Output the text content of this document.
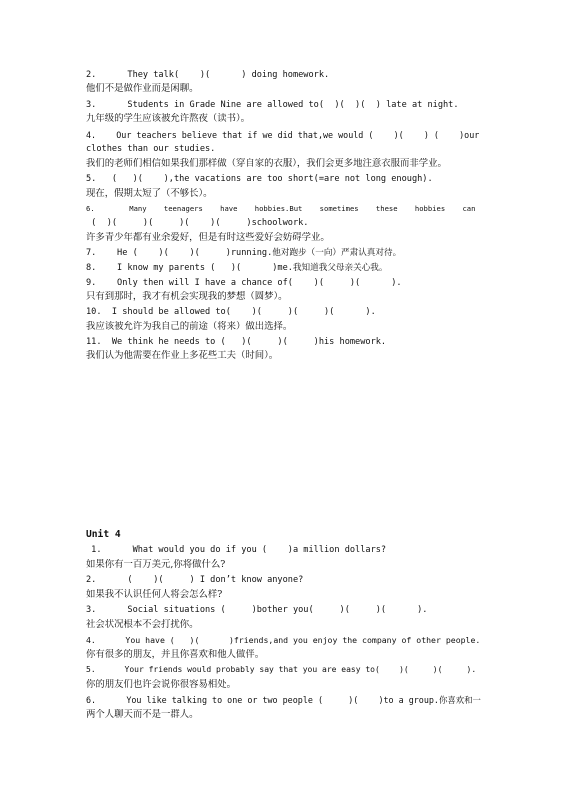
2.      They talk(    )(      ) doing homework.
他们不是做作业而是闲聊。
3.      Students in Grade Nine are allowed to(  )(  )(  ) late at night.
九年级的学生应该被允许熬夜（读书）。
4.    Our teachers believe that if we did that,we would (    )(    ) (    )our
clothes than our studies.
我们的老师们相信如果我们那样做（穿自家的衣服），我们会更多地注意衣服而非学业。
5.   (   )(    ),the vacations are too short(=are not long enough).
现在，假期太短了（不够长）。
6.        Many    teenagers    have    hobbies.But    sometimes    these    hobbies    can
(  )(     )(     )(    )(     )schoolwork.
许多青少年都有业余爱好，但是有时这些爱好会妨碍学业。
7.    He (    )(    )(     )running.他对跑步（一向）严肃认真对待。
8.    I know my parents (   )(      )me.我知道我父母亲关心我。
9.    Only then will I have a chance of(    )(     )(      ).
只有到那时，我才有机会实现我的梦想（圆梦）。
10.  I should be allowed to(    )(     )(     )(      ).
我应该被允许为我自己的前途（将来）做出选择。
11.  We think he needs to (   )(     )(     )his homework.
我们认为他需要在作业上多花些工夫（时间）。
Unit 4
1.      What would you do if you (    )a million dollars?
如果你有一百万美元,你将做什么?
2.      (    )(     ) I don’t know anyone?
如果我不认识任何人将会怎么样?
3.      Social situations (     )bother you(     )(     )(      ).
社会状况根本不会打扰你。
4.      You have (   )(      )friends,and you enjoy the company of other people.
你有很多的朋友，并且你喜欢和他人做伴。
5.      Your friends would probably say that you are easy to(    )(     )(     ).
你的朋友们也许会说你很容易相处。
6.      You like talking to one or two people (     )(    )to a group.你喜欢和一
两个人聊天而不是一群人。
